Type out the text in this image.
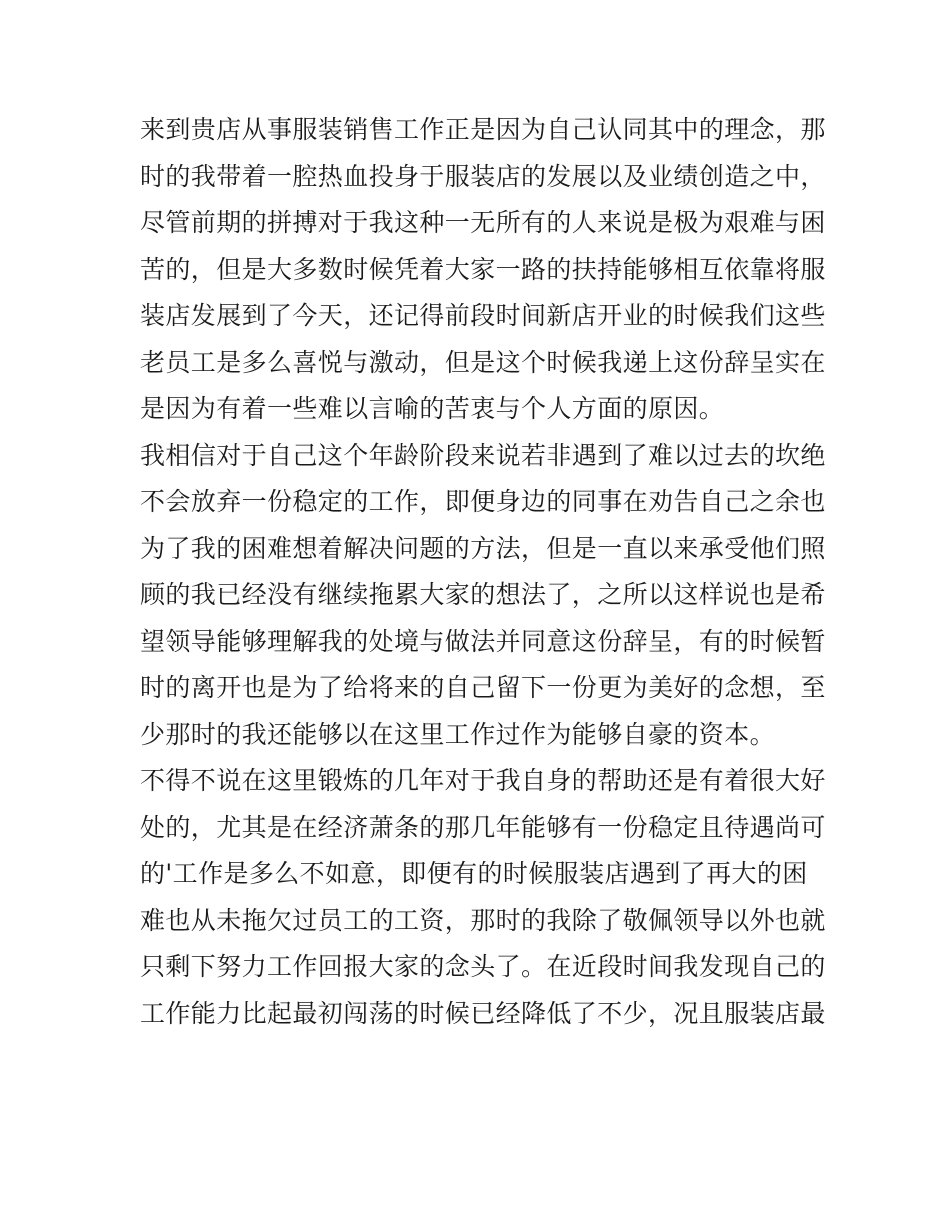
来到贵店从事服装销售工作正是因为自己认同其中的理念，那
时的我带着一腔热血投身于服装店的发展以及业绩创造之中，
尽管前期的拼搏对于我这种一无所有的人来说是极为艰难与困
苦的，但是大多数时候凭着大家一路的扶持能够相互依靠将服
装店发展到了今天，还记得前段时间新店开业的时候我们这些
老员工是多么喜悦与激动，但是这个时候我递上这份辞呈实在
是因为有着一些难以言喻的苦衷与个人方面的原因。
我相信对于自己这个年龄阶段来说若非遇到了难以过去的坎绝
不会放弃一份稳定的工作，即便身边的同事在劝告自己之余也
为了我的困难想着解决问题的方法，但是一直以来承受他们照
顾的我已经没有继续拖累大家的想法了，之所以这样说也是希
望领导能够理解我的处境与做法并同意这份辞呈，有的时候暂
时的离开也是为了给将来的自己留下一份更为美好的念想，至
少那时的我还能够以在这里工作过作为能够自豪的资本。
不得不说在这里锻炼的几年对于我自身的帮助还是有着很大好
处的，尤其是在经济萧条的那几年能够有一份稳定且待遇尚可
的'工作是多么不如意，即便有的时候服装店遇到了再大的困
难也从未拖欠过员工的工资，那时的我除了敬佩领导以外也就
只剩下努力工作回报大家的念头了。在近段时间我发现自己的
工作能力比起最初闯荡的时候已经降低了不少，况且服装店最
